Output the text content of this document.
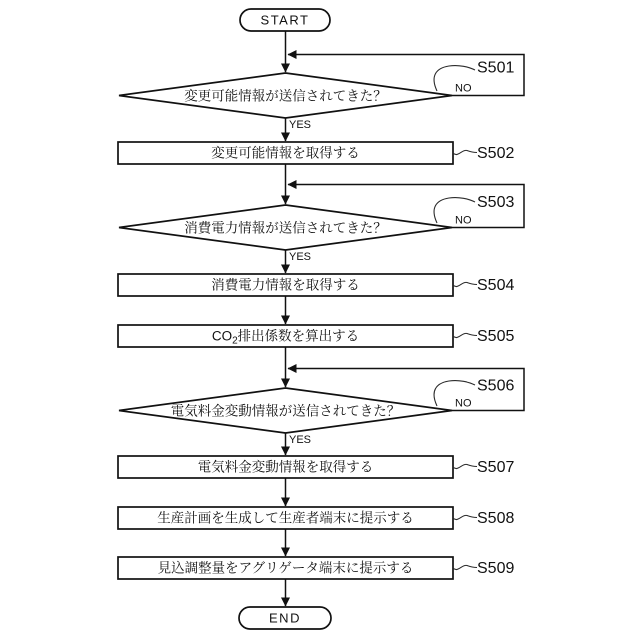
START
変更可能情報が送信されてきた？
YES
NO
S501
変更可能情報を取得する	S502
消費電力情報が送信されてきた？
YES
NO
S503
消費電力情報を取得する	S504
$CO_2$排出係数を算出する	S505
電気料金変動情報が送信されてきた？
YES
NO
S506
電気料金変動情報を取得する	S507
生産計画を生成して生産者端末に提示する	S508
見込調整量をアグリゲータ端末に提示する	S509
END
